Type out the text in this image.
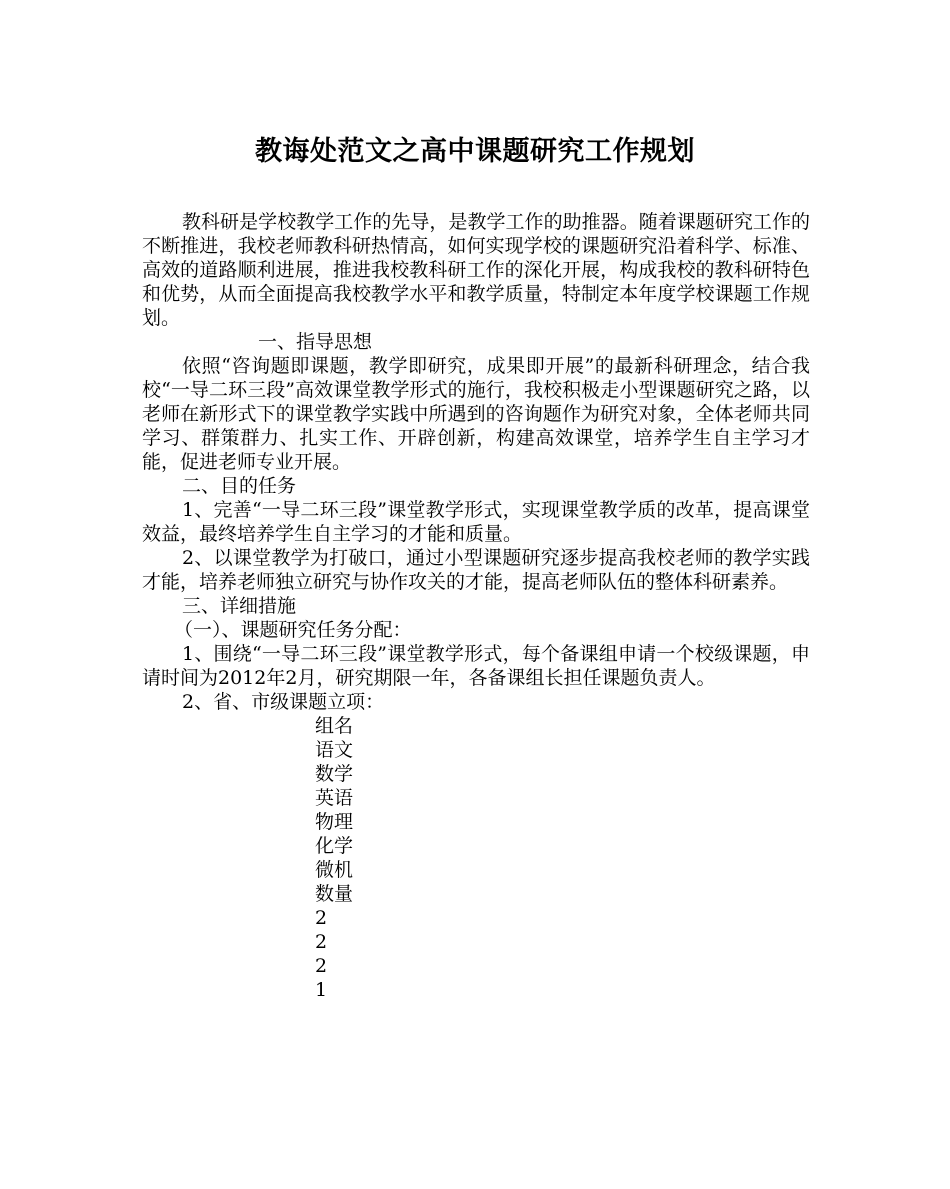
教诲处范文之高中课题研究工作规划

教科研是学校教学工作的先导，是教学工作的助推器。随着课题研究工作的不断推进，我校老师教科研热情高，如何实现学校的课题研究沿着科学、标准、高效的道路顺利进展，推进我校教科研工作的深化开展，构成我校的教科研特色和优势，从而全面提高我校教学水平和教学质量，特制定本年度学校课题工作规划。

一、指导思想

依照“咨询题即课题，教学即研究，成果即开展”的最新科研理念，结合我校“一导二环三段”高效课堂教学形式的施行，我校积极走小型课题研究之路，以老师在新形式下的课堂教学实践中所遇到的咨询题作为研究对象，全体老师共同学习、群策群力、扎实工作、开辟创新，构建高效课堂，培养学生自主学习才能，促进老师专业开展。

二、目的任务

1、完善“一导二环三段”课堂教学形式，实现课堂教学质的改革，提高课堂效益，最终培养学生自主学习的才能和质量。

2、以课堂教学为打破口，通过小型课题研究逐步提高我校老师的教学实践才能，培养老师独立研究与协作攻关的才能，提高老师队伍的整体科研素养。

三、详细措施

（一）、课题研究任务分配：

1、围绕“一导二环三段”课堂教学形式，每个备课组申请一个校级课题，申请时间为2012年2月，研究期限一年，各备课组长担任课题负责人。

2、省、市级课题立项：

组名
语文
数学
英语
物理
化学
微机
数量
2
2
2
1
